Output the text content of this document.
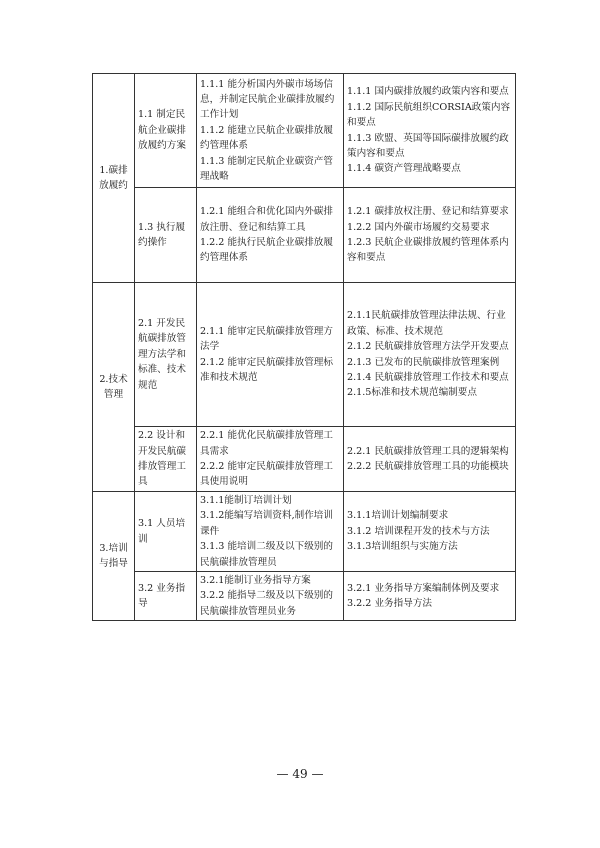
1.碳排放履约	1.1 制定民航企业碳排放履约方案	1.1.1 能分析国内外碳市场场信息，并制定民航企业碳排放履约工作计划
1.1.2 能建立民航企业碳排放履约管理体系
1.1.3 能制定民航企业碳资产管理战略	1.1.1 国内碳排放履约政策内容和要点
1.1.2 国际民航组织CORSIA政策内容和要点
1.1.3 欧盟、英国等国际碳排放履约政策内容和要点
1.1.4 碳资产管理战略要点

	1.3 执行履约操作	1.2.1 能组合和优化国内外碳排放注册、登记和结算工具
1.2.2 能执行民航企业碳排放履约管理体系	1.2.1 碳排放权注册、登记和结算要求
1.2.2 国内外碳市场履约交易要求
1.2.3 民航企业碳排放履约管理体系内容和要点

2.技术管理	2.1 开发民航碳排放管理方法学和标准、技术规范	2.1.1 能审定民航碳排放管理方法学
2.1.2 能审定民航碳排放管理标准和技术规范	2.1.1民航碳排放管理法律法规、行业政策、标准、技术规范
2.1.2 民航碳排放管理方法学开发要点
2.1.3 已发布的民航碳排放管理案例
2.1.4 民航碳排放管理工作技术和要点
2.1.5标准和技术规范编制要点

	2.2 设计和开发民航碳排放管理工具	2.2.1 能优化民航碳排放管理工具需求
2.2.2 能审定民航碳排放管理工具使用说明	2.2.1 民航碳排放管理工具的逻辑架构
2.2.2 民航碳排放管理工具的功能模块

3.培训与指导	3.1 人员培训	3.1.1能制订培训计划
3.1.2能编写培训资料,制作培训课件
3.1.3 能培训二级及以下级别的民航碳排放管理员	3.1.1培训计划编制要求
3.1.2 培训课程开发的技术与方法
3.1.3培训组织与实施方法

	3.2 业务指导	3.2.1能制订业务指导方案
3.2.2 能指导二级及以下级别的民航碳排放管理员业务	3.2.1 业务指导方案编制体例及要求
3.2.2 业务指导方法
— 49 —
